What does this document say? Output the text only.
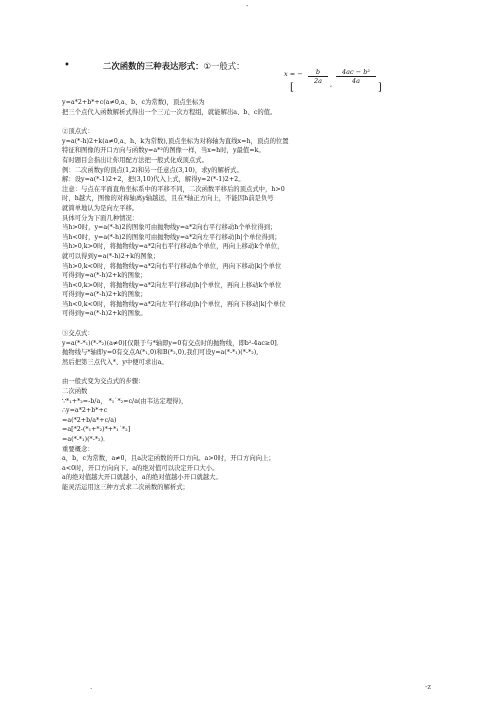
-
•	二次函数的三种表达形式：①一般式：
[
x = − $\frac{b}{2a}$ , $\frac{\text{4ac − b²}}{4a}$
]

y=a*2+b*+c(a≠0,a、b、c为常数)，顶点坐标为

把三个点代入函数解析式得出一个三元一次方程组，就能解出a、b、c的值。

②顶点式：

y=a(*-h)2+k(a≠0,a、h、k为常数),顶点坐标为对称轴为直线x=h，顶点的位置

特征和图像的开口方向与函数y=a*²的图像一样，当x=h时，y最值=k。

有时题目会指出让你用配方法把一般式化成顶点式。

例：二次函数y的顶点(1,2)和另一任意点(3,10)，求y的解析式。

解：设y=a(*-1)2+2，把(3,10)代入上式，解得y=2(*-1)2+2。

注意：与点在平面直角坐标系中的平移不同，二次函数平移后的顶点式中，h>0

时，h越大，图像的对称轴离y轴越远，且在*轴正方向上，不能因h前是负号

就简单地认为是向左平移。

具体可分为下面几种情况：

当h>0时，y=a(*-h)2的图象可由抛物线y=a*2向右平行移动h个单位得到；

当h<0时，y=a(*-h)2的图象可由抛物线y=a*2向左平行移动|h|个单位得到；

当h>0,k>0时，将抛物线y=a*2向右平行移动h个单位，再向上移动k个单位，

就可以得到y=a(*-h)2+k的图象；

当h>0,k<0时，将抛物线y=a*2向右平行移动h个单位，再向下移动|k|个单位

可得到y=a(*-h)2+k的图象；

当h<0,k>0时，将抛物线y=a*2向左平行移动|h|个单位，再向上移动k个单位

可得到y=a(*-h)2+k的图象；

当h<0,k<0时，将抛物线y=a*2向左平行移动|h|个单位，再向下移动|k|个单位

可得到y=a(*-h)2+k的图象。

③交点式：

y=a(*-*₁)(*-*₂)(a≠0)[仅限于与*轴即y=0有交点时的抛物线，即b²-4ac≥0]．

抛物线与*轴即y=0有交点A(*₁,0)和B(*₂,0),我们可设y=a(*-*₁)(*-*₂),

然后把第三点代入*、y中便可求出a。

由一般式变为交点式的步骤：

二次函数

∵*₁+*₂=-b/a， *₁˙*₂=c/a(由韦达定理得)，

∴y=a*2+b*+c

=a(*2+b/a*+c/a)

=a[*2-(*₁+*₂)*+*₁˙*₂]

=a(*-*₁)(*-*₂)．

重要概念：

a，b，c为常数，a≠0，且a决定函数的开口方向。a>0时，开口方向向上；

a<0时，开口方向向下。a的绝对值可以决定开口大小。

a的绝对值越大开口就越小，a的绝对值越小开口就越大。

能灵活运用这三种方式求二次函数的解析式；

.	-z
